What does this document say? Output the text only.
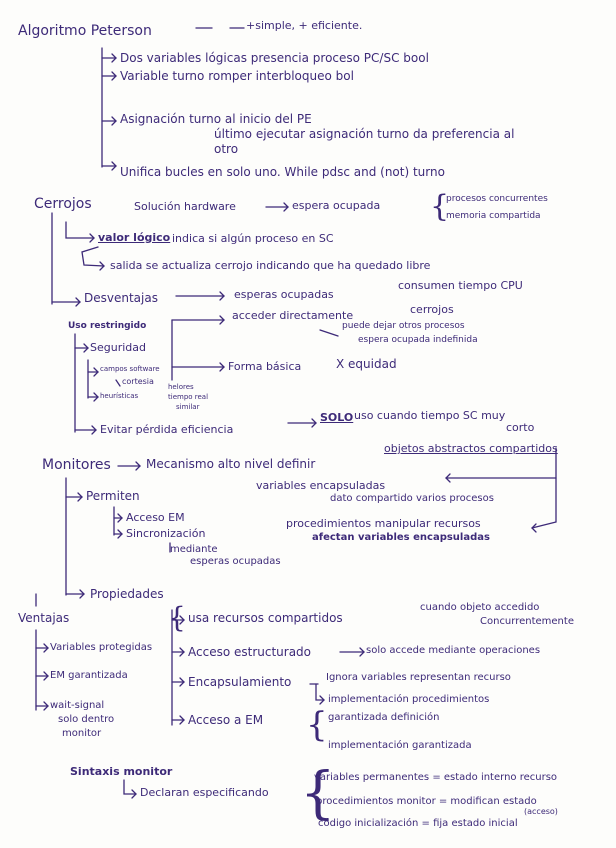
Algoritmo Peterson	+simple, + eficiente.
Dos variables lógicas presencia proceso PC/SC bool
Variable turno romper interbloqueo bol
Asignación turno al inicio del PE
último ejecutar asignación turno da preferencia al
otro
Unifica bucles en solo uno. While pdsc and (not) turno
Cerrojos	Solución hardware	espera ocupada {
procesos concurrentes
memoria compartida
valor lógico indica si algún proceso en SC
salida se actualiza cerrojo indicando que ha quedado libre
Desventajas	esperas ocupadas
consumen tiempo CPU
Uso restringido
acceder directamente	cerrojos
puede dejar otros procesos
espera ocupada indefinida
Seguridad
campos software
cortesia
heurísticas
helores
tiempo real
similar
Forma básica	X equidad
Evitar pérdida eficiencia
SOLO uso cuando tiempo SC muy
corto
Monitores	Mecanismo alto nivel definir
objetos abstractos compartidos
variables encapsuladas
dato compartido varios procesos
Permiten
Acceso EM
Sincronización
procedimientos manipular recursos
afectan variables encapsuladas
mediante
esperas ocupadas
Propiedades
Ventajas
Variables protegidas
EM garantizada
wait-signal
solo dentro
monitor
{ usa recursos compartidos
cuando objeto accedido
Concurrentemente
Acceso estructurado	solo accede mediante operaciones
Encapsulamiento	Ignora variables representan recurso
implementación procedimientos
Acceso a EM { garantizada definición
implementación garantizada
Sintaxis monitor
Declaran especificando {
variables permanentes = estado interno recurso
procedimientos monitor = modifican estado
(acceso)
código inicialización = fija estado inicial
